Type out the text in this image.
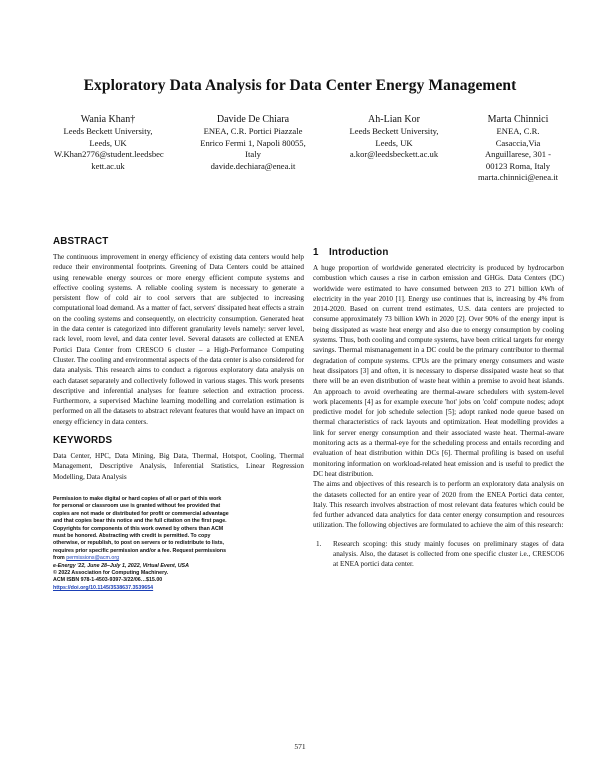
Exploratory Data Analysis for Data Center Energy Management
Wania Khan†
Leeds Beckett University,
Leeds, UK
W.Khan2776@student.leedsbec
kett.ac.uk
Davide De Chiara
ENEA, C.R. Portici Piazzale
Enrico Fermi 1, Napoli 80055,
Italy
davide.dechiara@enea.it
Ah-Lian Kor
Leeds Beckett University,
Leeds, UK
a.kor@leedsbeckett.ac.uk
Marta Chinnici
ENEA, C.R.
Casaccia,Via
Anguillarese, 301 -
00123 Roma, Italy
marta.chinnici@enea.it
ABSTRACT

The continuous improvement in energy efficiency of existing data centers would help reduce their environmental footprints. Greening of Data Centers could be attained using renewable energy sources or more energy efficient compute systems and effective cooling systems. A reliable cooling system is necessary to generate a persistent flow of cold air to cool servers that are subjected to increasing computational load demand. As a matter of fact, servers' dissipated heat effects a strain on the cooling systems and consequently, on electricity consumption. Generated heat in the data center is categorized into different granularity levels namely: server level, rack level, room level, and data center level. Several datasets are collected at ENEA Portici Data Center from CRESCO 6 cluster – a High-Performance Computing Cluster. The cooling and environmental aspects of the data center is also considered for data analysis. This research aims to conduct a rigorous exploratory data analysis on each dataset separately and collectively followed in various stages. This work presents descriptive and inferential analyses for feature selection and extraction process. Furthermore, a supervised Machine learning modelling and correlation estimation is performed on all the datasets to abstract relevant features that would have an impact on energy efficiency in data centers.

KEYWORDS

Data Center, HPC, Data Mining, Big Data, Thermal, Hotspot, Cooling, Thermal Management, Descriptive Analysis, Inferential Statistics, Linear Regression Modelling, Data Analysis

Permission to make digital or hard copies of all or part of this work
for personal or classroom use is granted without fee provided that
copies are not made or distributed for profit or commercial advantage
and that copies bear this notice and the full citation on the first page.
Copyrights for components of this work owned by others than ACM
must be honored. Abstracting with credit is permitted. To copy
otherwise, or republish, to post on servers or to redistribute to lists,
requires prior specific permission and/or a fee. Request permissions
from permissions@acm.org
e-Energy '22, June 28–July 1, 2022, Virtual Event, USA
© 2022 Association for Computing Machinery.
ACM ISBN 978-1-4503-9397-3/22/06…$15.00
https://doi.org/10.1145/3538637.3539654
1 Introduction

A huge proportion of worldwide generated electricity is produced by hydrocarbon combustion which causes a rise in carbon emission and GHGs. Data Centers (DC) worldwide were estimated to have consumed between 203 to 271 billion kWh of electricity in the year 2010 [1]. Energy use continues that is, increasing by 4% from 2014-2020. Based on current trend estimates, U.S. data centers are projected to consume approximately 73 billion kWh in 2020 [2]. Over 90% of the energy input is being dissipated as waste heat energy and also due to energy consumption by cooling systems. Thus, both cooling and compute systems, have been critical targets for energy savings. Thermal mismanagement in a DC could be the primary contributor to thermal degradation of compute systems. CPUs are the primary energy consumers and waste heat dissipators [3] and often, it is necessary to disperse dissipated waste heat so that there will be an even distribution of waste heat within a premise to avoid heat islands. An approach to avoid overheating are thermal-aware schedulers with system-level work placements [4] as for example execute 'hot' jobs on 'cold' compute nodes; adopt predictive model for job schedule selection [5]; adopt ranked node queue based on thermal characteristics of rack layouts and optimization. Heat modelling provides a link for server energy consumption and their associated waste heat. Thermal-aware monitoring acts as a thermal-eye for the scheduling process and entails recording and evaluation of heat distribution within DCs [6]. Thermal profiling is based on useful monitoring information on workload-related heat emission and is useful to predict the DC heat distribution.

The aims and objectives of this research is to perform an exploratory data analysis on the datasets collected for an entire year of 2020 from the ENEA Portici data center, Italy. This research involves abstraction of most relevant data features which could be fed further advanced data analytics for data center energy consumption and resources utilization. The following objectives are formulated to achieve the aim of this research:

1.	Research scoping: this study mainly focuses on preliminary stages of data analysis. Also, the dataset is collected from one specific cluster i.e., CRESCO6 at ENEA portici data center.

571
